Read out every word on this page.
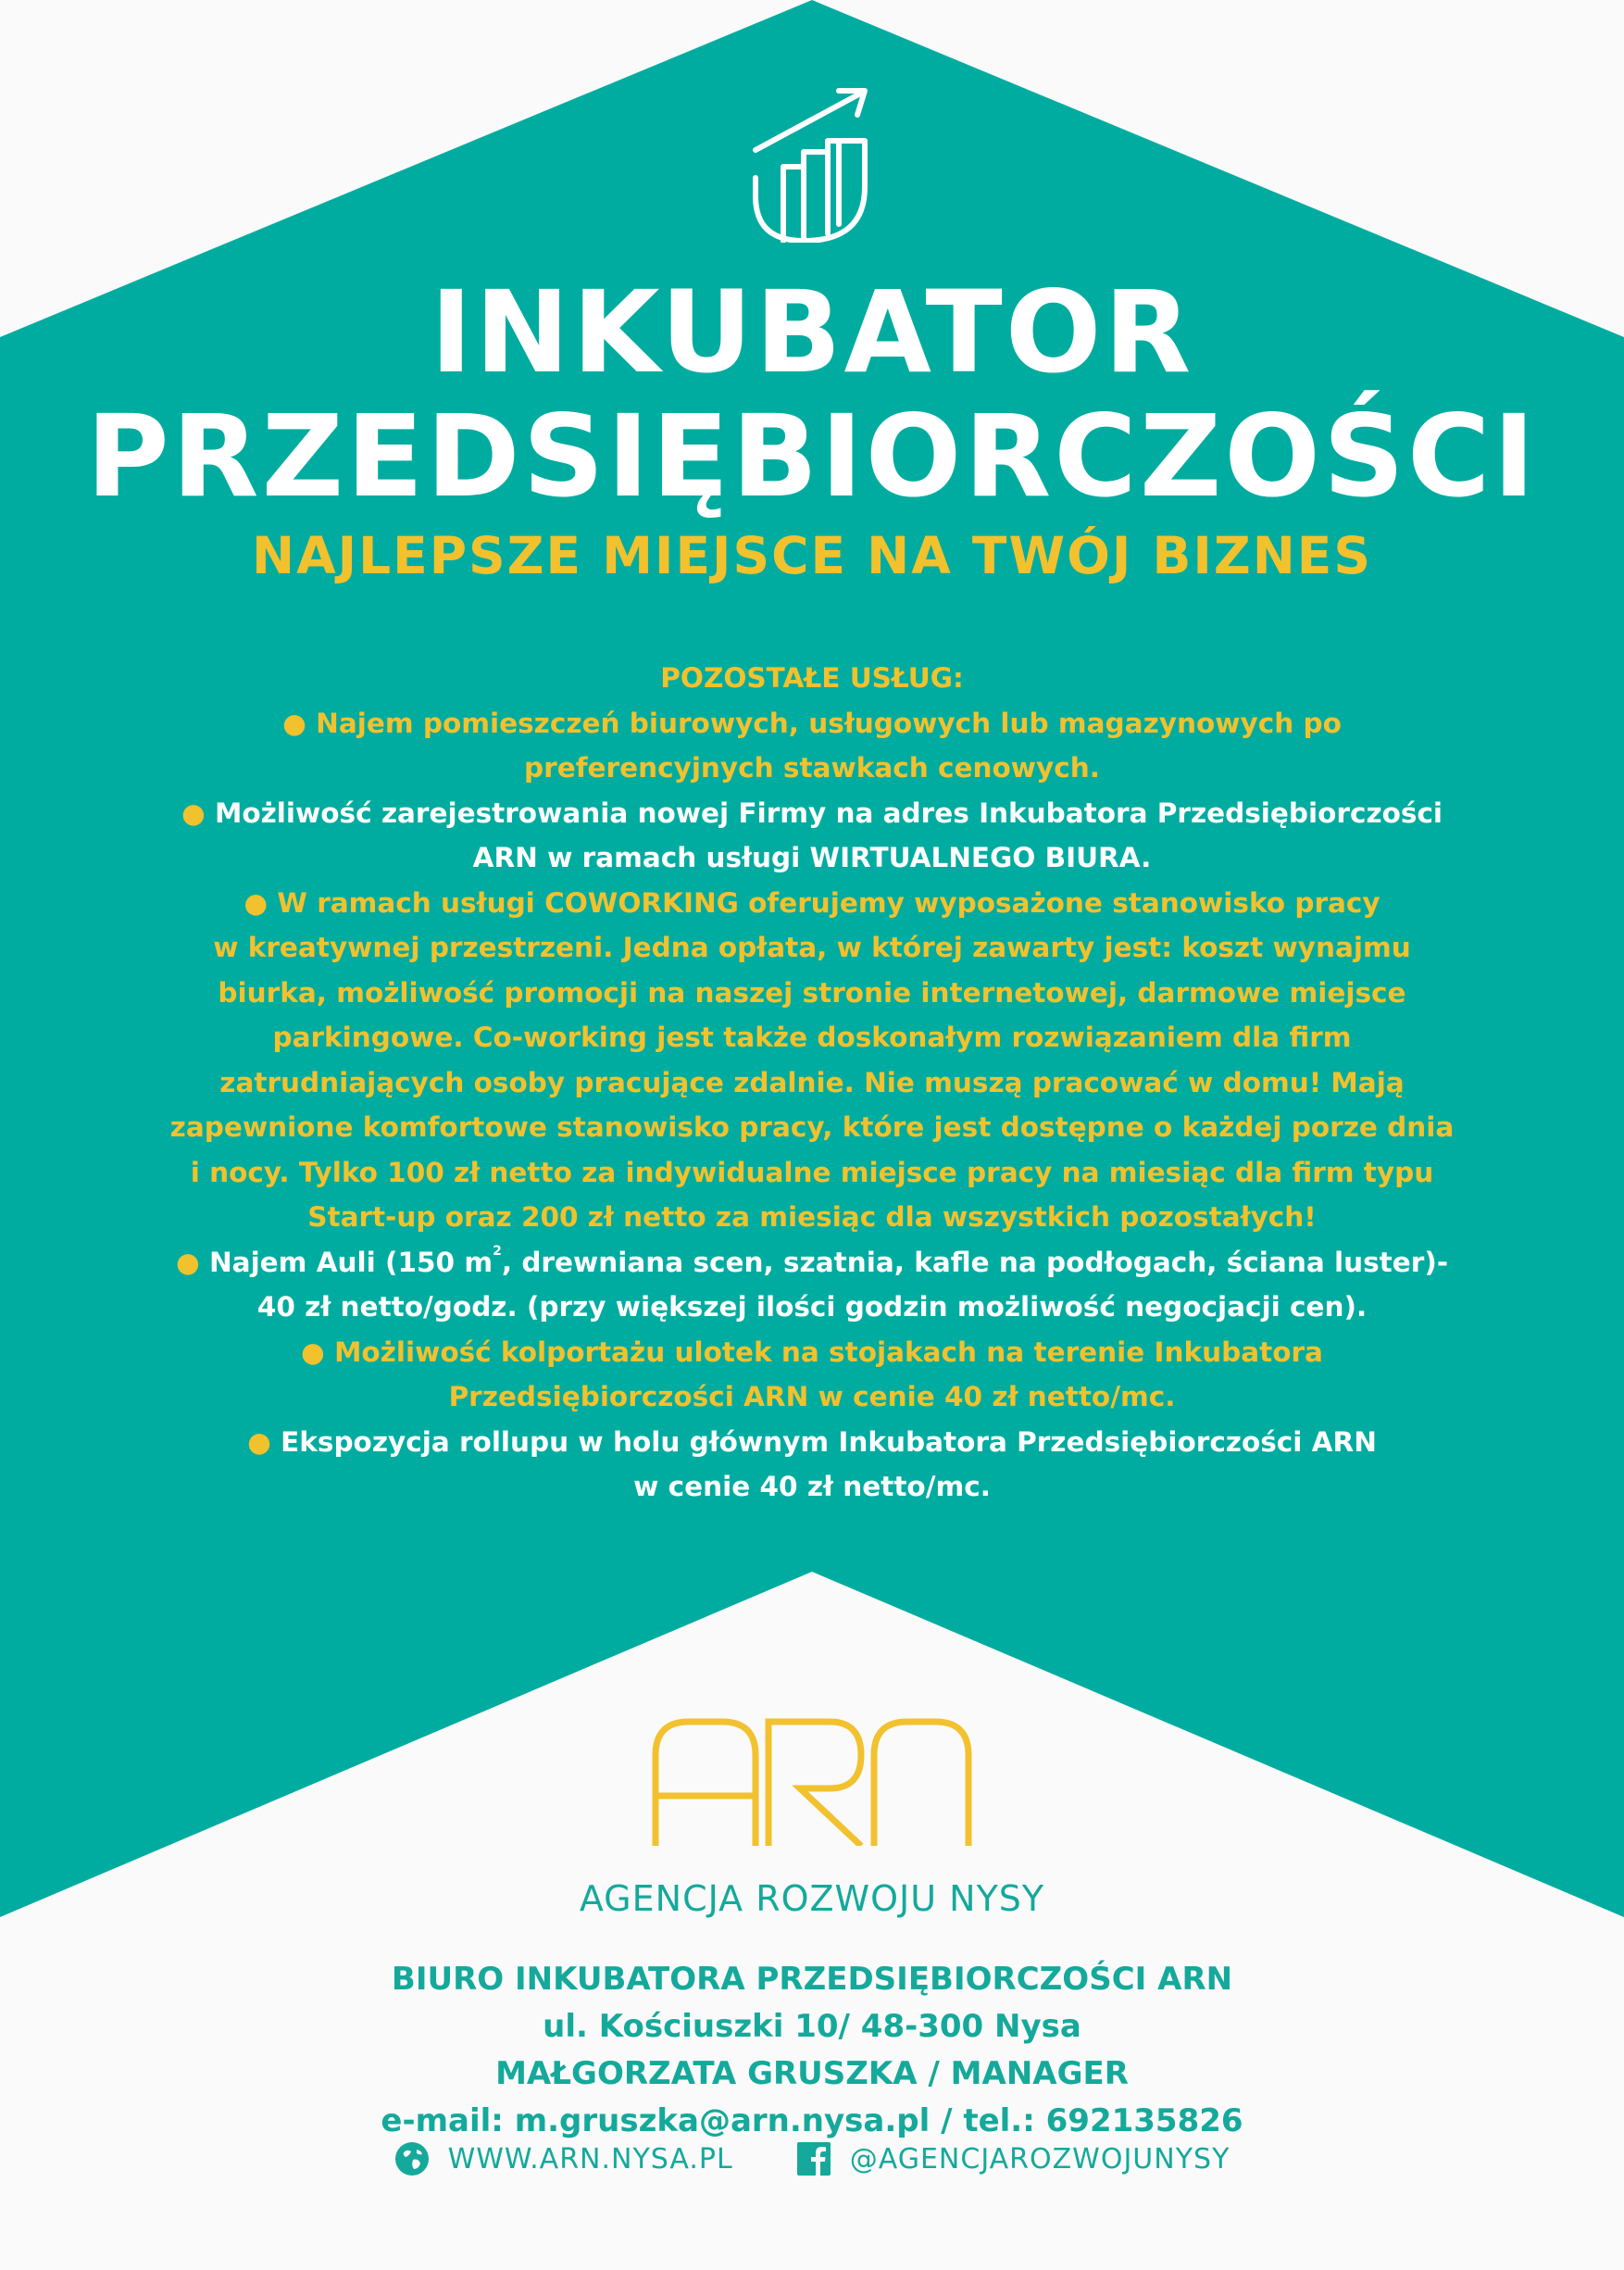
INKUBATOR
PRZEDSIĘBIORCZOŚCI
NAJLEPSZE MIEJSCE NA TWÓJ BIZNES
POZOSTAŁE USŁUG:
● Najem pomieszczeń biurowych, usługowych lub magazynowych po
preferencyjnych stawkach cenowych.
● Możliwość zarejestrowania nowej Firmy na adres Inkubatora Przedsiębiorczości
ARN w ramach usługi WIRTUALNEGO BIURA.
● W ramach usługi COWORKING oferujemy wyposażone stanowisko pracy
w kreatywnej przestrzeni. Jedna opłata, w której zawarty jest: koszt wynajmu
biurka, możliwość promocji na naszej stronie internetowej, darmowe miejsce
parkingowe. Co-working jest także doskonałym rozwiązaniem dla firm
zatrudniających osoby pracujące zdalnie. Nie muszą pracować w domu! Mają
zapewnione komfortowe stanowisko pracy, które jest dostępne o każdej porze dnia
i nocy. Tylko 100 zł netto za indywidualne miejsce pracy na miesiąc dla firm typu
Start-up oraz 200 zł netto za miesiąc dla wszystkich pozostałych!
● Najem Auli (150 $m^2$, drewniana scen, szatnia, kafle na podłogach, ściana luster)-
40 zł netto/godz. (przy większej ilości godzin możliwość negocjacji cen).
● Możliwość kolportażu ulotek na stojakach na terenie Inkubatora
Przedsiębiorczości ARN w cenie 40 zł netto/mc.
● Ekspozycja rollupu w holu głównym Inkubatora Przedsiębiorczości ARN
w cenie 40 zł netto/mc.
AGENCJA ROZWOJU NYSY
BIURO INKUBATORA PRZEDSIĘBIORCZOŚCI ARN
ul. Kościuszki 10/ 48-300 Nysa
MAŁGORZATA GRUSZKA / MANAGER
e-mail: m.gruszka@arn.nysa.pl / tel.: 692135826
WWW.ARN.NYSA.PL	@AGENCJAROZWOJUNYSY
